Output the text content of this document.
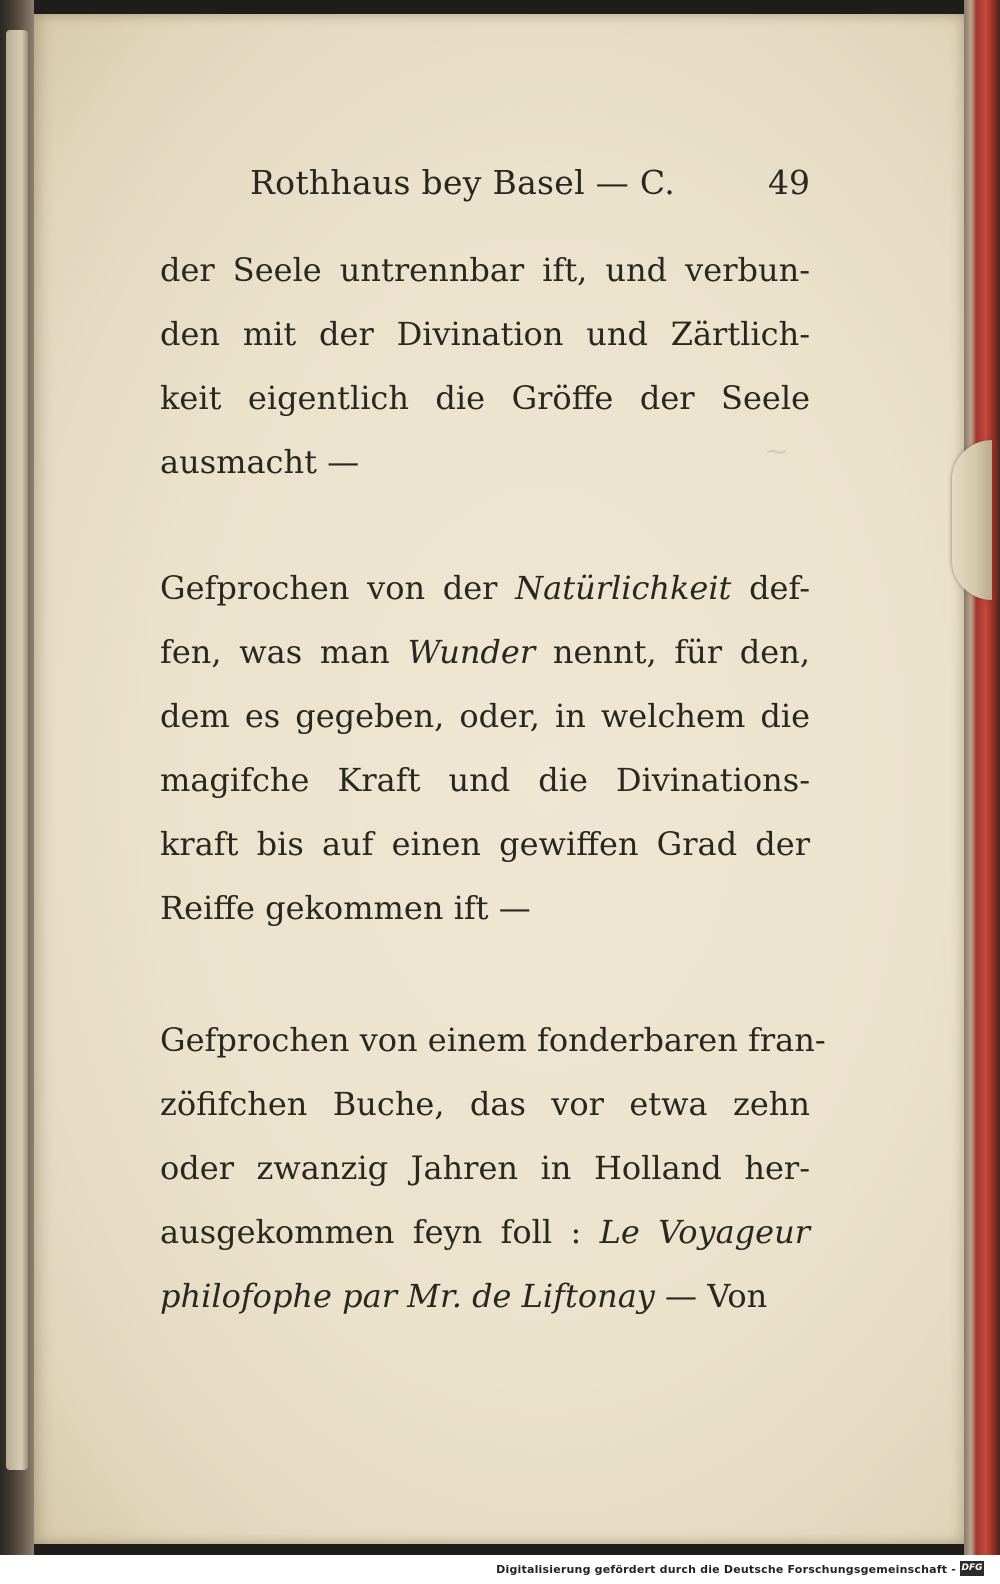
~
Rothhaus bey Basel — C.	49
der Seele untrennbar ift, und verbun-
den mit der Divination und Zärtlich-
keit eigentlich die Gröffe der Seele
ausmacht —
Gefprochen von der Natürlichkeit def-
fen, was man Wunder nennt, für den,
dem es gegeben, oder, in welchem die
magifche Kraft und die Divinations-
kraft bis auf einen gewiffen Grad der
Reiffe gekommen ift —
Gefprochen von einem fonderbaren fran-
zöfifchen Buche, das vor etwa zehn
oder zwanzig Jahren in Holland her-
ausgekommen feyn foll : Le Voyageur
philofophe par Mr. de Liftonay — Von
Digitalisierung gefördert durch die Deutsche Forschungsgemeinschaft - DFG
